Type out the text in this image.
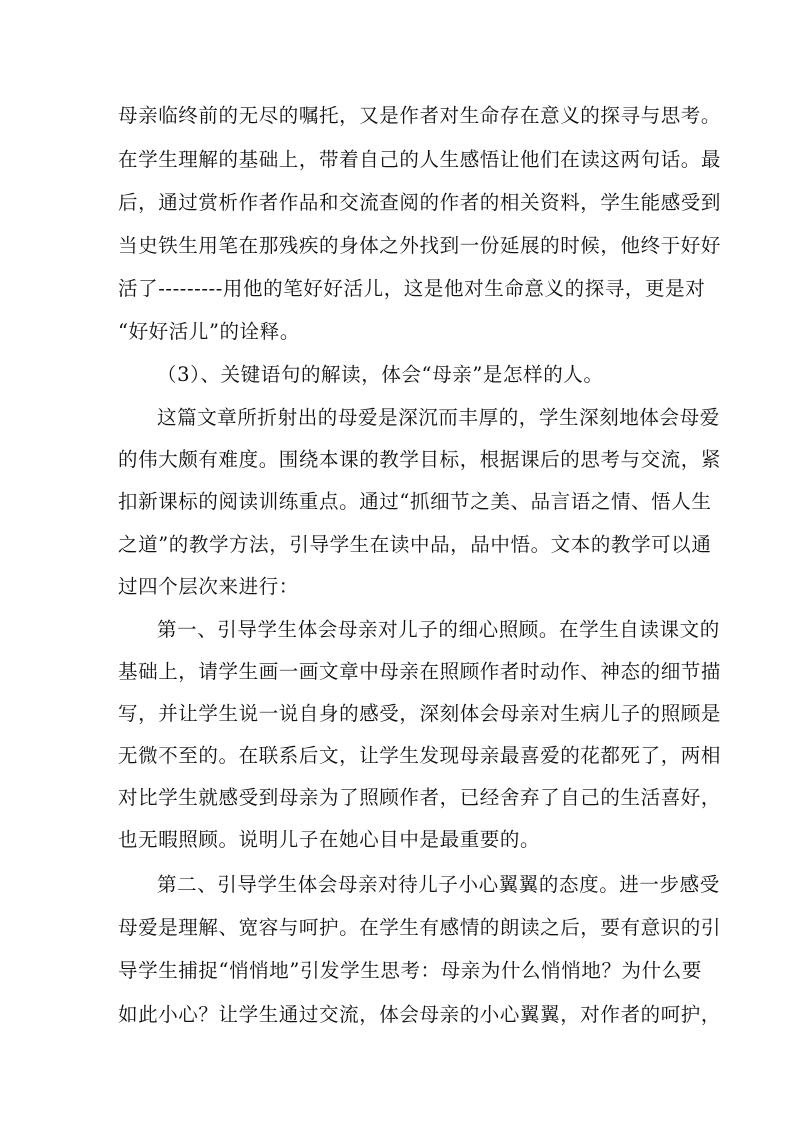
母亲临终前的无尽的嘱托，又是作者对生命存在意义的探寻与思考。
在学生理解的基础上，带着自己的人生感悟让他们在读这两句话。最
后，通过赏析作者作品和交流查阅的作者的相关资料，学生能感受到
当史铁生用笔在那残疾的身体之外找到一份延展的时候，他终于好好
活了---------用他的笔好好活儿，这是他对生命意义的探寻，更是对
“好好活儿”的诠释。
（3）、关键语句的解读，体会“母亲”是怎样的人。
这篇文章所折射出的母爱是深沉而丰厚的，学生深刻地体会母爱
的伟大颇有难度。围绕本课的教学目标，根据课后的思考与交流，紧
扣新课标的阅读训练重点。通过“抓细节之美、品言语之情、悟人生
之道”的教学方法，引导学生在读中品，品中悟。文本的教学可以通
过四个层次来进行：
第一、引导学生体会母亲对儿子的细心照顾。在学生自读课文的
基础上，请学生画一画文章中母亲在照顾作者时动作、神态的细节描
写，并让学生说一说自身的感受，深刻体会母亲对生病儿子的照顾是
无微不至的。在联系后文，让学生发现母亲最喜爱的花都死了，两相
对比学生就感受到母亲为了照顾作者，已经舍弃了自己的生活喜好，
也无暇照顾。说明儿子在她心目中是最重要的。
第二、引导学生体会母亲对待儿子小心翼翼的态度。进一步感受
母爱是理解、宽容与呵护。在学生有感情的朗读之后，要有意识的引
导学生捕捉“悄悄地”引发学生思考：母亲为什么悄悄地？为什么要
如此小心？让学生通过交流，体会母亲的小心翼翼，对作者的呵护，
